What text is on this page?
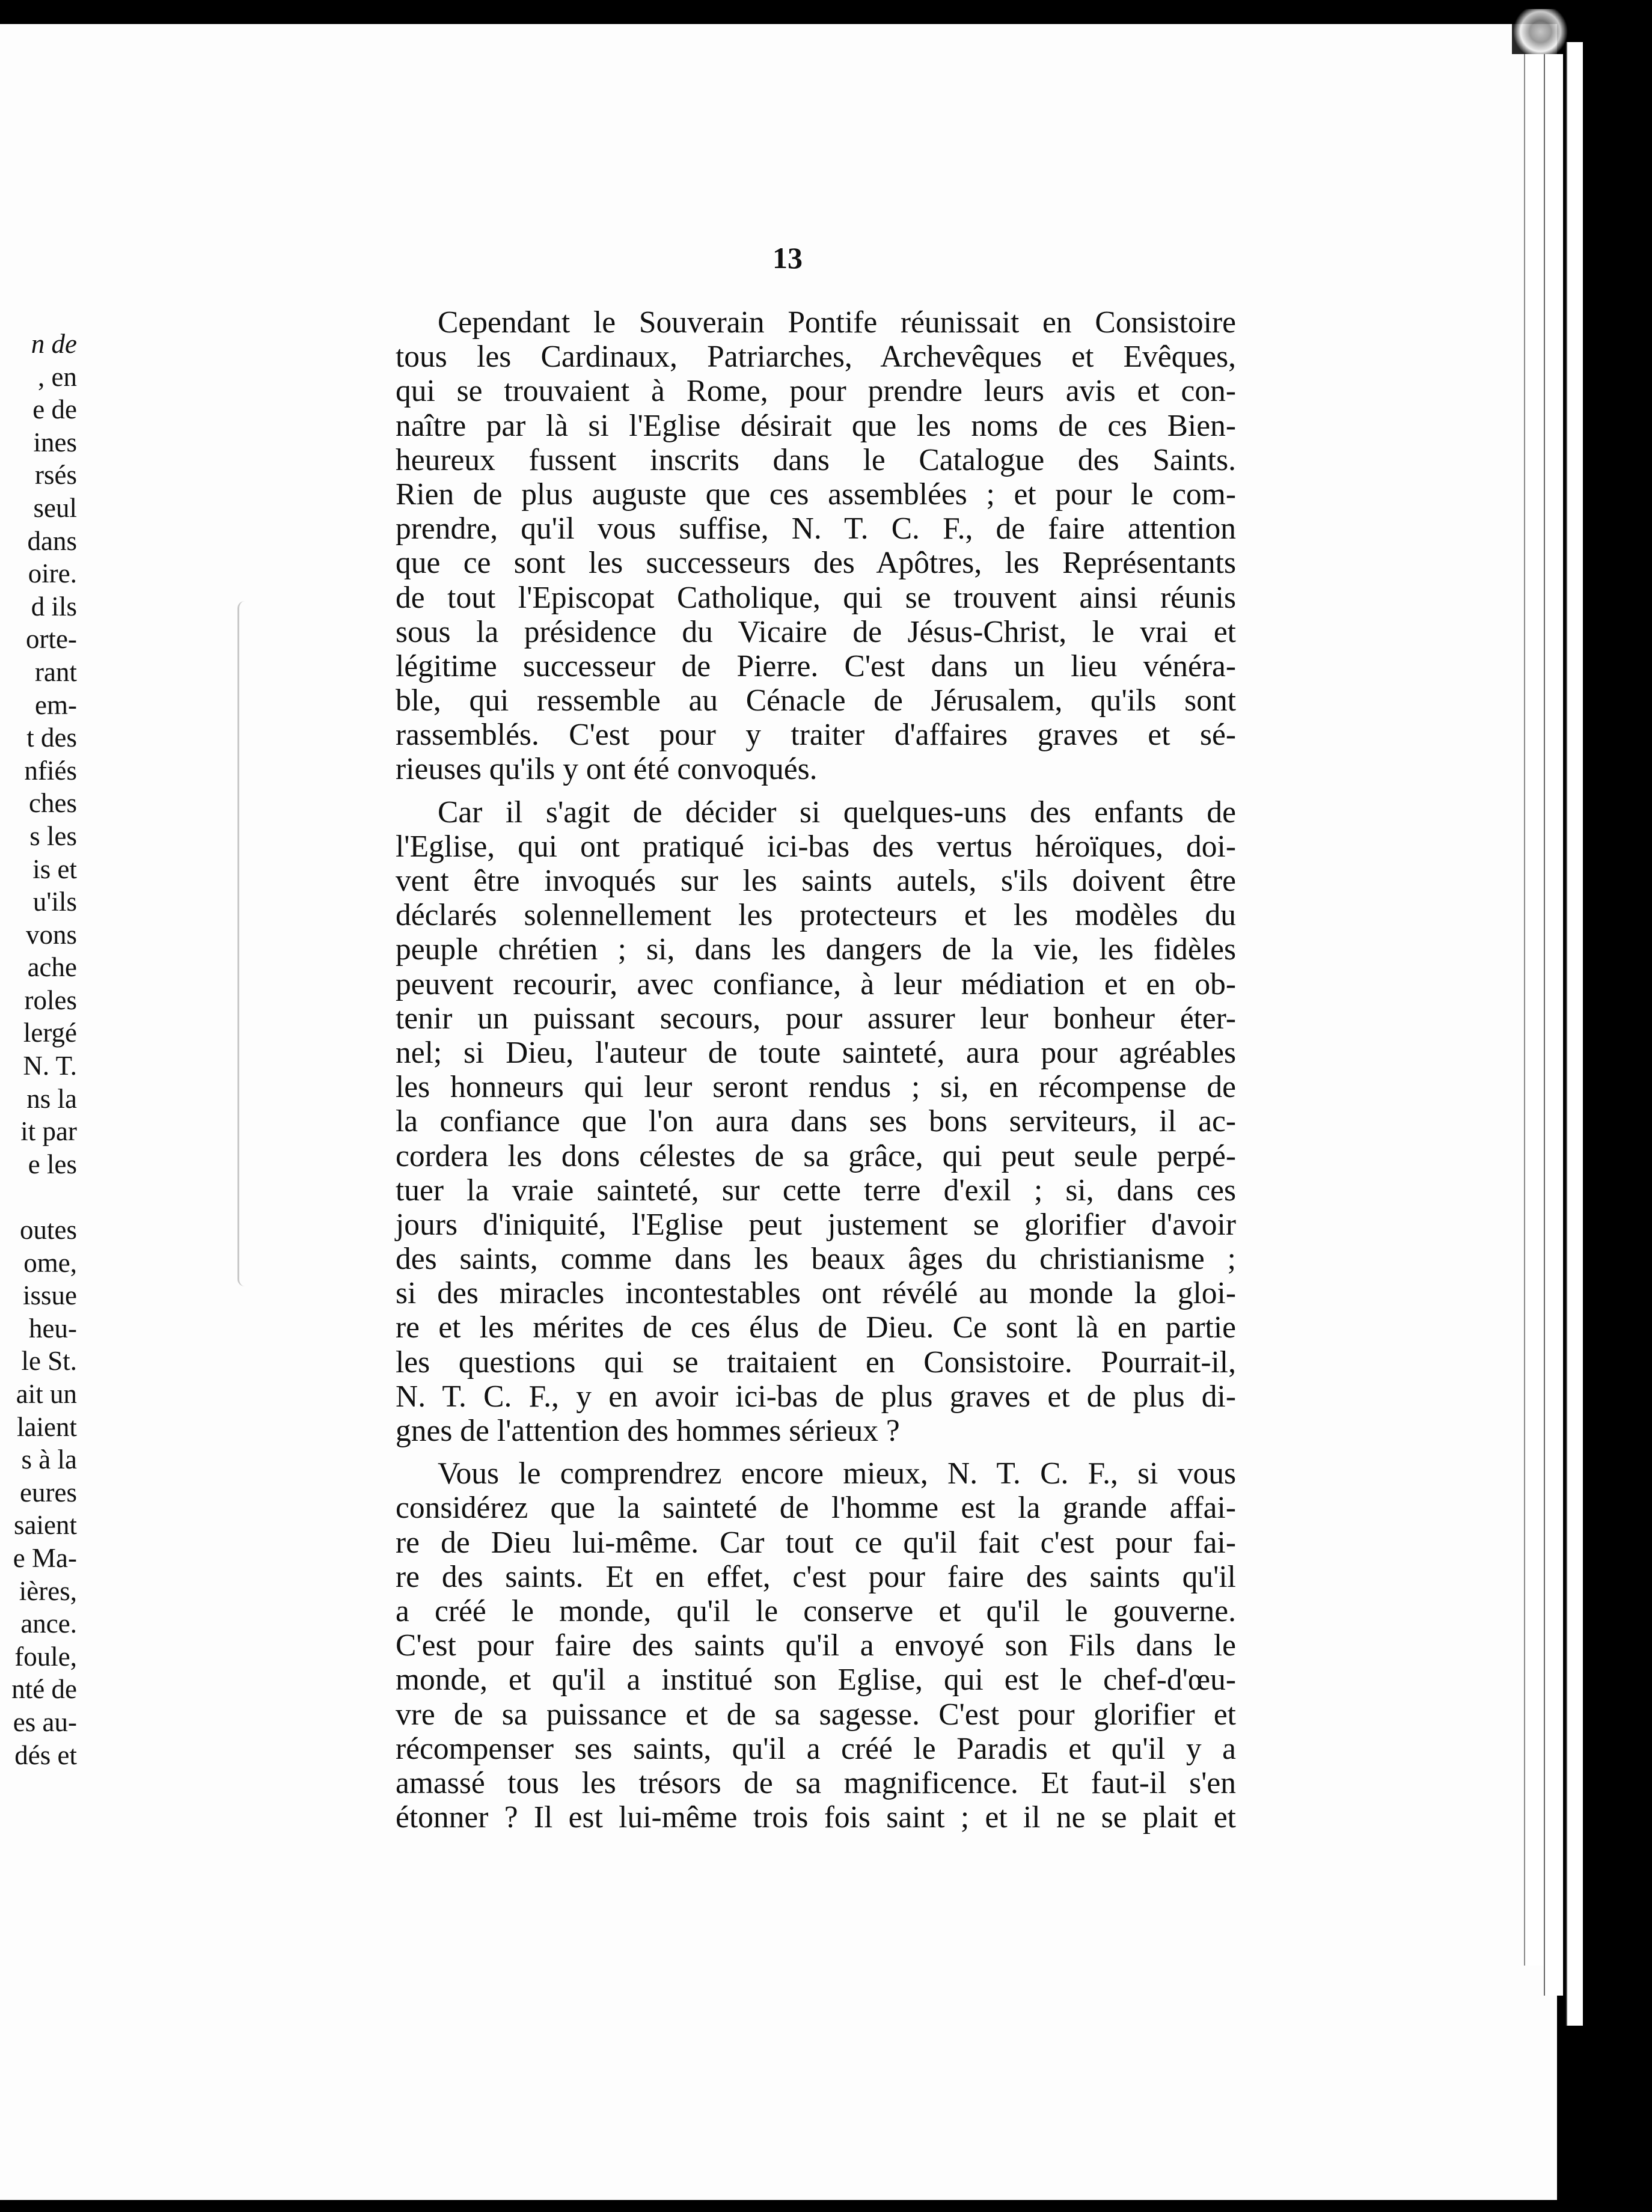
n de
, en
e de
ines
rsés
seul
dans
oire.
d ils
orte-
rant
em-
t des
nfiés
ches
s les
is et
u'ils
vons
ache
roles
lergé
N. T.
ns la
it par
e les
outes
ome,
issue
heu-
le St.
ait un
laient
s à la
eures
saient
e Ma-
ières,
ance.
foule,
nté de
es au-
dés et
13
Cependant le Souverain Pontife réunissait en Consistoire
tous les Cardinaux, Patriarches, Archevêques et Evêques,
qui se trouvaient à Rome, pour prendre leurs avis et con-
naître par là si l'Eglise désirait que les noms de ces Bien-
heureux fussent inscrits dans le Catalogue des Saints.
Rien de plus auguste que ces assemblées ; et pour le com-
prendre, qu'il vous suffise, N. T. C. F., de faire attention
que ce sont les successeurs des Apôtres, les Représentants
de tout l'Episcopat Catholique, qui se trouvent ainsi réunis
sous la présidence du Vicaire de Jésus-Christ, le vrai et
légitime successeur de Pierre. C'est dans un lieu vénéra-
ble, qui ressemble au Cénacle de Jérusalem, qu'ils sont
rassemblés. C'est pour y traiter d'affaires graves et sé-
rieuses qu'ils y ont été convoqués.
Car il s'agit de décider si quelques-uns des enfants de
l'Eglise, qui ont pratiqué ici-bas des vertus héroïques, doi-
vent être invoqués sur les saints autels, s'ils doivent être
déclarés solennellement les protecteurs et les modèles du
peuple chrétien ; si, dans les dangers de la vie, les fidèles
peuvent recourir, avec confiance, à leur médiation et en ob-
tenir un puissant secours, pour assurer leur bonheur éter-
nel; si Dieu, l'auteur de toute sainteté, aura pour agréables
les honneurs qui leur seront rendus ; si, en récompense de
la confiance que l'on aura dans ses bons serviteurs, il ac-
cordera les dons célestes de sa grâce, qui peut seule perpé-
tuer la vraie sainteté, sur cette terre d'exil ; si, dans ces
jours d'iniquité, l'Eglise peut justement se glorifier d'avoir
des saints, comme dans les beaux âges du christianisme ;
si des miracles incontestables ont révélé au monde la gloi-
re et les mérites de ces élus de Dieu. Ce sont là en partie
les questions qui se traitaient en Consistoire. Pourrait-il,
N. T. C. F., y en avoir ici-bas de plus graves et de plus di-
gnes de l'attention des hommes sérieux ?
Vous le comprendrez encore mieux, N. T. C. F., si vous
considérez que la sainteté de l'homme est la grande affai-
re de Dieu lui-même. Car tout ce qu'il fait c'est pour fai-
re des saints. Et en effet, c'est pour faire des saints qu'il
a créé le monde, qu'il le conserve et qu'il le gouverne.
C'est pour faire des saints qu'il a envoyé son Fils dans le
monde, et qu'il a institué son Eglise, qui est le chef-d'œu-
vre de sa puissance et de sa sagesse. C'est pour glorifier et
récompenser ses saints, qu'il a créé le Paradis et qu'il y a
amassé tous les trésors de sa magnificence. Et faut-il s'en
étonner ? Il est lui-même trois fois saint ; et il ne se plait et
